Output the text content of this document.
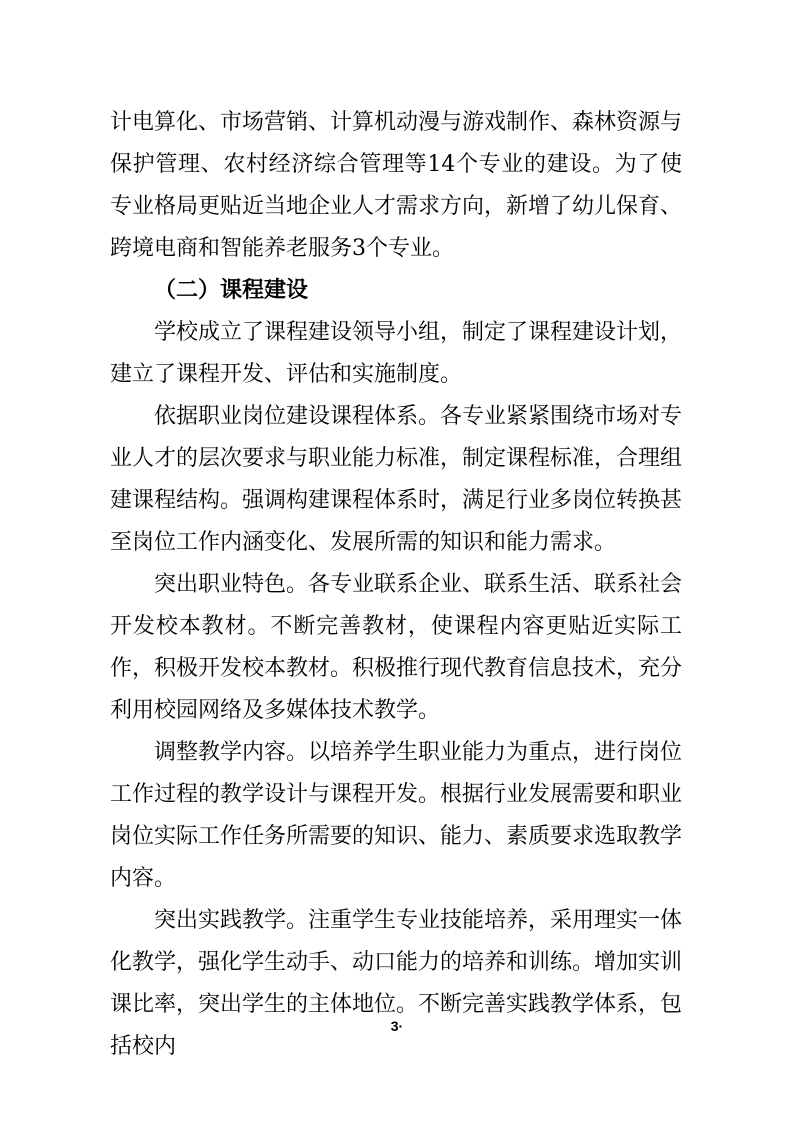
计电算化、市场营销、计算机动漫与游戏制作、森林资源与保护管理、农村经济综合管理等14个专业的建设。为了使专业格局更贴近当地企业人才需求方向，新增了幼儿保育、跨境电商和智能养老服务3个专业。

（二）课程建设

学校成立了课程建设领导小组，制定了课程建设计划，建立了课程开发、评估和实施制度。

依据职业岗位建设课程体系。各专业紧紧围绕市场对专业人才的层次要求与职业能力标准，制定课程标准，合理组建课程结构。强调构建课程体系时，满足行业多岗位转换甚至岗位工作内涵变化、发展所需的知识和能力需求。

突出职业特色。各专业联系企业、联系生活、联系社会开发校本教材。不断完善教材，使课程内容更贴近实际工作，积极开发校本教材。积极推行现代教育信息技术，充分利用校园网络及多媒体技术教学。

调整教学内容。以培养学生职业能力为重点，进行岗位工作过程的教学设计与课程开发。根据行业发展需要和职业岗位实际工作任务所需要的知识、能力、素质要求选取教学内容。

突出实践教学。注重学生专业技能培养，采用理实一体化教学，强化学生动手、动口能力的培养和训练。增加实训课比率，突出学生的主体地位。不断完善实践教学体系，包括校内

3·
